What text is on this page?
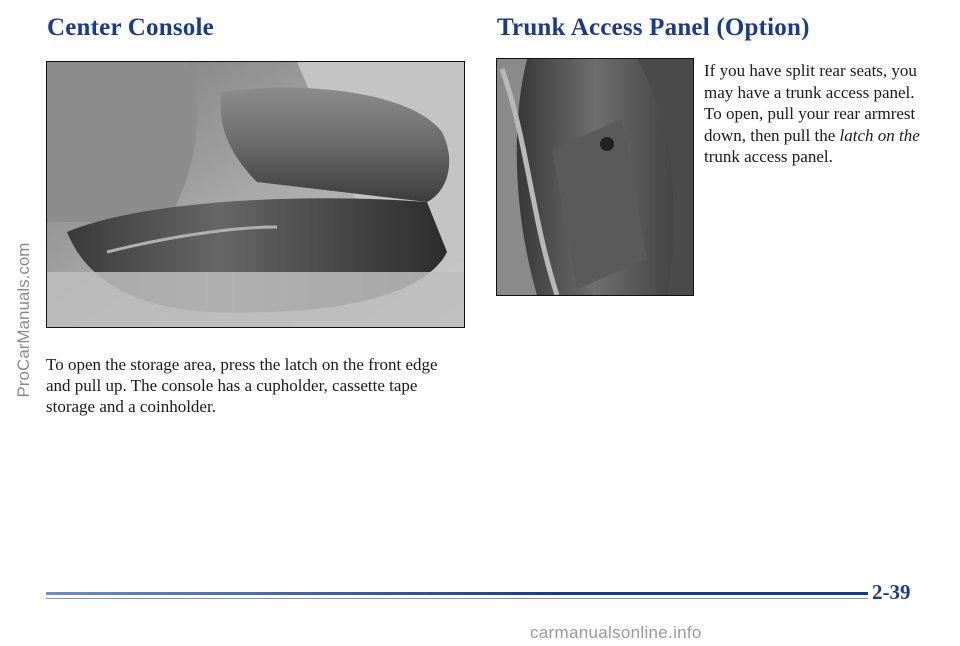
Center Console	Trunk Access Panel (Option)

To open the storage area, press the latch on the front edge and pull up. The console has a cupholder, cassette tape storage and a coinholder.

If you have split rear seats, you may have a trunk access panel. To open, pull your rear armrest down, then pull the latch on the trunk access panel.

ProCarManuals.com

2-39

carmanualsonline.info
